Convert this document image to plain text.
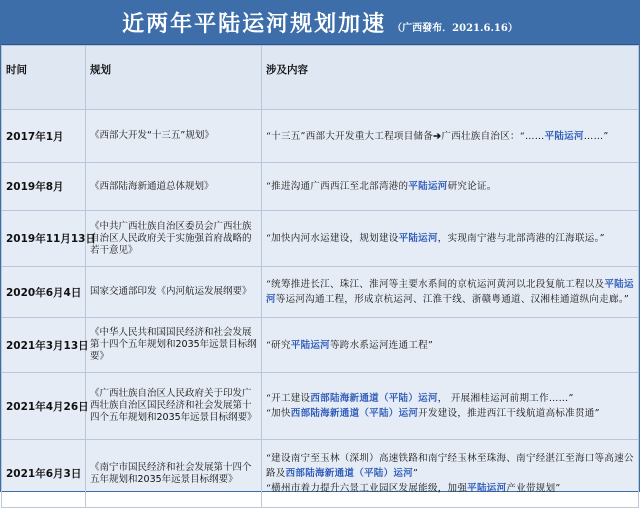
近两年平陆运河规划加速 （广西發布．2021.6.16）
时间	规划	涉及内容
2017年1月	《西部大开发“十三五”规划》	“十三五”西部大开发重大工程项目储备➔广西壮族自治区：“……平陆运河……”
2019年8月	《西部陆海新通道总体规划》	“推进沟通广西西江至北部湾港的平陆运河研究论证。
2019年11月13日	《中共广西壮族自治区委员会广西壮族自治区人民政府关于实施强首府战略的若干意见》	“加快内河水运建设，规划建设平陆运河，实现南宁港与北部湾港的江海联运。”
2020年6月4日	国家交通部印发《内河航运发展纲要》	“统筹推进长江、珠江、淮河等主要水系间的京杭运河黄河以北段复航工程以及平陆运河等运河沟通工程，形成京杭运河、江淮干线、浙赣粤通道、汉湘桂通道纵向走廊。”
2021年3月13日	《中华人民共和国国民经济和社会发展第十四个五年规划和2035年远景目标纲要》	“研究平陆运河等跨水系运河连通工程”
2021年4月26日	《广西壮族自治区人民政府关于印发广西壮族自治区国民经济和社会发展第十四个五年规划和2035年远景目标纲要》	“开工建设西部陆海新通道（平陆）运河， 开展湘桂运河前期工作……”

“加快西部陆海新通道（平陆）运河开发建设，推进西江干线航道高标准贯通”

2021年6月3日	《南宁市国民经济和社会发展第十四个五年规划和2035年远景目标纲要》	“建设南宁至玉林（深圳）高速铁路和南宁经玉林至珠海、南宁经湛江至海口等高速公路及西部陆海新通道（平陆）运河”

“横州市着力提升六景工业园区发展能级，加强平陆运河产业带规划”
